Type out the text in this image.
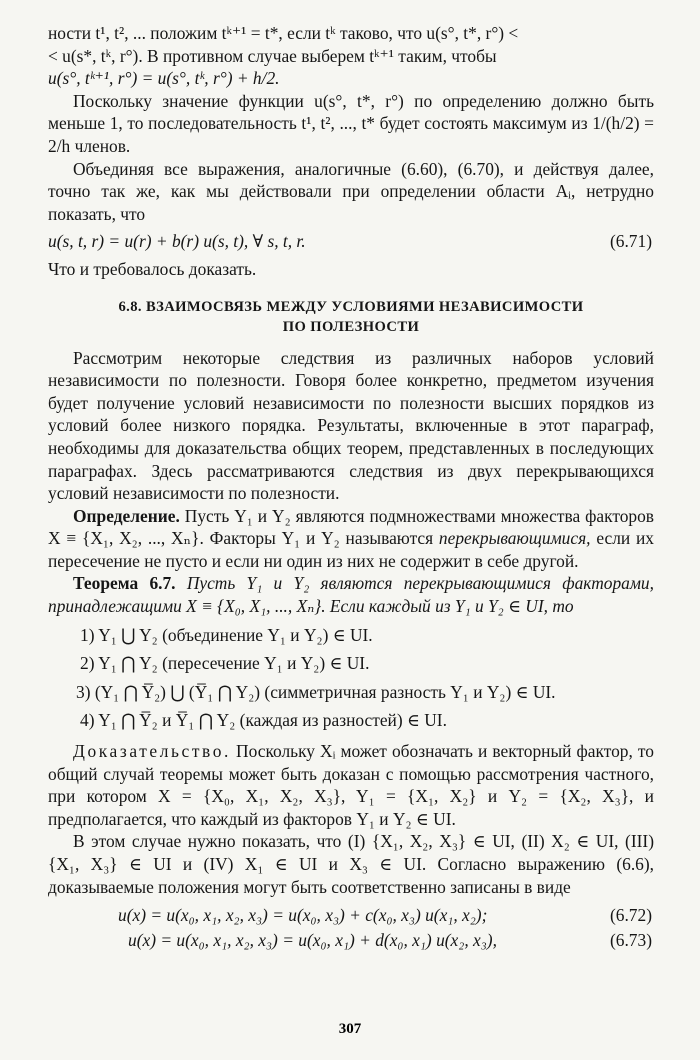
ности t¹, t², ... положим tᵏ⁺¹ = t*, если tᵏ таково, что u(s°, t*, r°) <

< u(s*, tᵏ, r°). В противном случае выберем tᵏ⁺¹ таким, чтобы

u(s°, tᵏ⁺¹, r°) = u(s°, tᵏ, r°) + h/2.

Поскольку значение функции u(s°, t*, r°) по определению должно быть меньше 1, то последовательность t¹, t², ..., t* будет состоять максимум из 1/(h/2) = 2/h членов.

Объединяя все выражения, аналогичные (6.60), (6.70), и действуя далее, точно так же, как мы действовали при определении области Aᵢ, нетрудно показать, что

u(s, t, r) = u(r) + b(r) u(s, t), ∀ s, t, r.	(6.71)

Что и требовалось доказать.

6.8. ВЗАИМОСВЯЗЬ МЕЖДУ УСЛОВИЯМИ НЕЗАВИСИМОСТИ
ПО ПОЛЕЗНОСТИ

Рассмотрим некоторые следствия из различных наборов условий независимости по полезности. Говоря более конкретно, предметом изучения будет получение условий независимости по полезности высших порядков из условий более низкого порядка. Результаты, включенные в этот параграф, необходимы для доказательства общих теорем, представленных в последующих параграфах. Здесь рассматриваются следствия из двух перекрывающихся условий независимости по полезности.

Определение. Пусть Y₁ и Y₂ являются подмножествами множества факторов X ≡ {X₁, X₂, ..., Xₙ}. Факторы Y₁ и Y₂ называются перекрывающимися, если их пересечение не пусто и если ни один из них не содержит в себе другой.

Теорема 6.7. Пусть Y₁ и Y₂ являются перекрывающимися факторами, принадлежащими X ≡ {X₀, X₁, ..., Xₙ}. Если каждый из Y₁ и Y₂ ∈ UI, то

1) Y₁ ⋃ Y₂ (объединение Y₁ и Y₂) ∈ UI.
2) Y₁ ⋂ Y₂ (пересечение Y₁ и Y₂) ∈ UI.
3) (Y₁ ⋂ Y̅₂) ⋃ (Y̅₁ ⋂ Y₂) (симметричная разность Y₁ и Y₂) ∈ UI.
4) Y₁ ⋂ Y̅₂ и Y̅₁ ⋂ Y₂ (каждая из разностей) ∈ UI.

Доказательство. Поскольку Xᵢ может обозначать и векторный фактор, то общий случай теоремы может быть доказан с помощью рассмотрения частного, при котором X = {X₀, X₁, X₂, X₃}, Y₁ = {X₁, X₂} и Y₂ = {X₂, X₃}, и предполагается, что каждый из факторов Y₁ и Y₂ ∈ UI.

В этом случае нужно показать, что (I) {X₁, X₂, X₃} ∈ UI, (II) X₂ ∈ UI, (III) {X₁, X₃} ∈ UI и (IV) X₁ ∈ UI и X₃ ∈ UI. Согласно выражению (6.6), доказываемые положения могут быть соответственно записаны в виде

u(x) = u(x₀, x₁, x₂, x₃) = u(x₀, x₃) + c(x₀, x₃) u(x₁, x₂);	(6.72)
u(x) = u(x₀, x₁, x₂, x₃) = u(x₀, x₁) + d(x₀, x₁) u(x₂, x₃),	(6.73)
307
